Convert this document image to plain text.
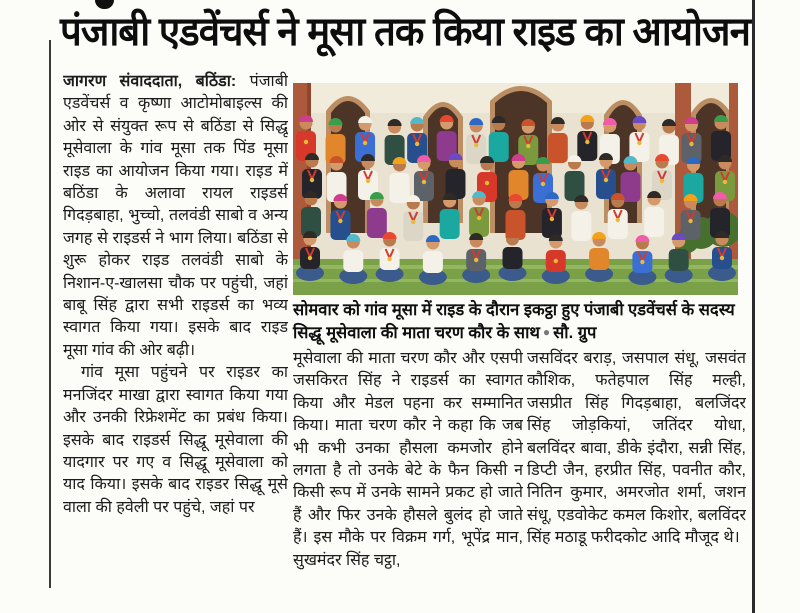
पंजाबी एडवेंचर्स ने मूसा तक किया राइड का आयोजन

जागरण संवाददाता, बठिंडा: पंजाबी एडवेंचर्स व कृष्णा आटोमोबाइल्स की ओर से संयुक्त रूप से बठिंडा से सिद्धू मूसेवाला के गांव मूसा तक पिंड मूसा राइड का आयोजन किया गया। राइड में बठिंडा के अलावा रायल राइडर्स गिदड़बाहा, भुच्चो, तलवंडी साबो व अन्य जगह से राइडर्स ने भाग लिया। बठिंडा से शुरू होकर राइड तलवंडी साबो के निशान-ए-खालसा चौक पर पहुंची, जहां बाबू सिंह द्वारा सभी राइडर्स का भव्य स्वागत किया गया। इसके बाद राइड मूसा गांव की ओर बढ़ी।

गांव मूसा पहुंचने पर राइडर का मनजिंदर माखा द्वारा स्वागत किया गया और उनकी रिफ्रेशमेंट का प्रबंध किया। इसके बाद राइडर्स सिद्धू मूसेवाला की यादगार पर गए व सिद्धू मूसेवाला को याद किया। इसके बाद राइडर सिद्धू मूसे वाला की हवेली पर पहुंचे, जहां पर

सोमवार को गांव मूसा में राइड के दौरान इकट्ठा हुए पंजाबी एडवेंचर्स के सदस्य सिद्धू मूसेवाला की माता चरण कौर के साथ ● सौ. ग्रुप

मूसेवाला की माता चरण कौर और एसपी जसकिरत सिंह ने राइडर्स का स्वागत किया और मेडल पहना कर सम्मानित किया। माता चरण कौर ने कहा कि जब भी कभी उनका हौसला कमजोर होने लगता है तो उनके बेटे के फैन किसी न किसी रूप में उनके सामने प्रकट हो जाते हैं और फिर उनके हौसले बुलंद हो जाते हैं। इस मौके पर विक्रम गर्ग, भूपेंद्र मान, सुखमंदर सिंह चट्ठा,

जसविंदर बराड़, जसपाल संधू, जसवंत कौशिक, फतेहपाल सिंह मल्ही, जसप्रीत सिंह गिदड़बाहा, बलजिंदर सिंह जोड़कियां, जतिंदर योधा, बलविंदर बावा, डीके इंदौरा, सन्नी सिंह, डिप्टी जैन, हरप्रीत सिंह, पवनीत कौर, नितिन कुमार, अमरजोत शर्मा, जशन संधू, एडवोकेट कमल किशोर, बलविंदर सिंह मठाडू फरीदकोट आदि मौजूद थे।
